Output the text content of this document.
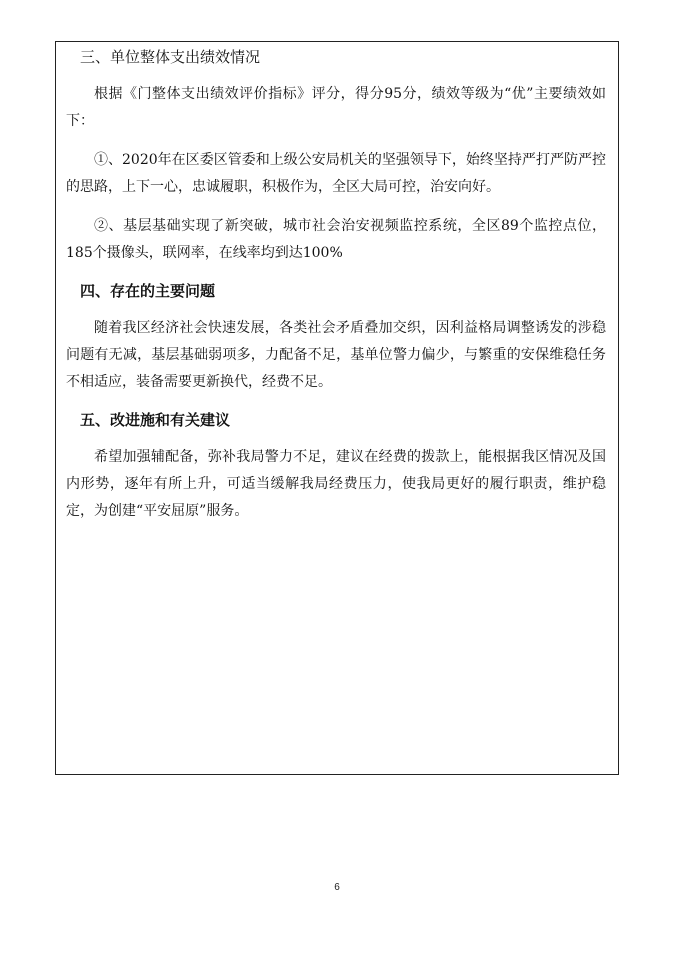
三、单位整体支出绩效情况

根据《门整体支出绩效评价指标》评分，得分95分，绩效等级为“优”主要绩效如下：

①、2020年在区委区管委和上级公安局机关的坚强领导下，始终坚持严打严防严控的思路，上下一心，忠诚履职，积极作为，全区大局可控，治安向好。

②、基层基础实现了新突破，城市社会治安视频监控系统，全区89个监控点位，185个摄像头，联网率，在线率均到达100%

四、存在的主要问题

随着我区经济社会快速发展，各类社会矛盾叠加交织，因利益格局调整诱发的涉稳问题有无减，基层基础弱项多，力配备不足，基单位警力偏少，与繁重的安保维稳任务不相适应，装备需要更新换代，经费不足。

五、改进施和有关建议

希望加强辅配备，弥补我局警力不足，建议在经费的拨款上，能根据我区情况及国内形势，逐年有所上升，可适当缓解我局经费压力，使我局更好的履行职责，维护稳定，为创建“平安屈原”服务。

6
